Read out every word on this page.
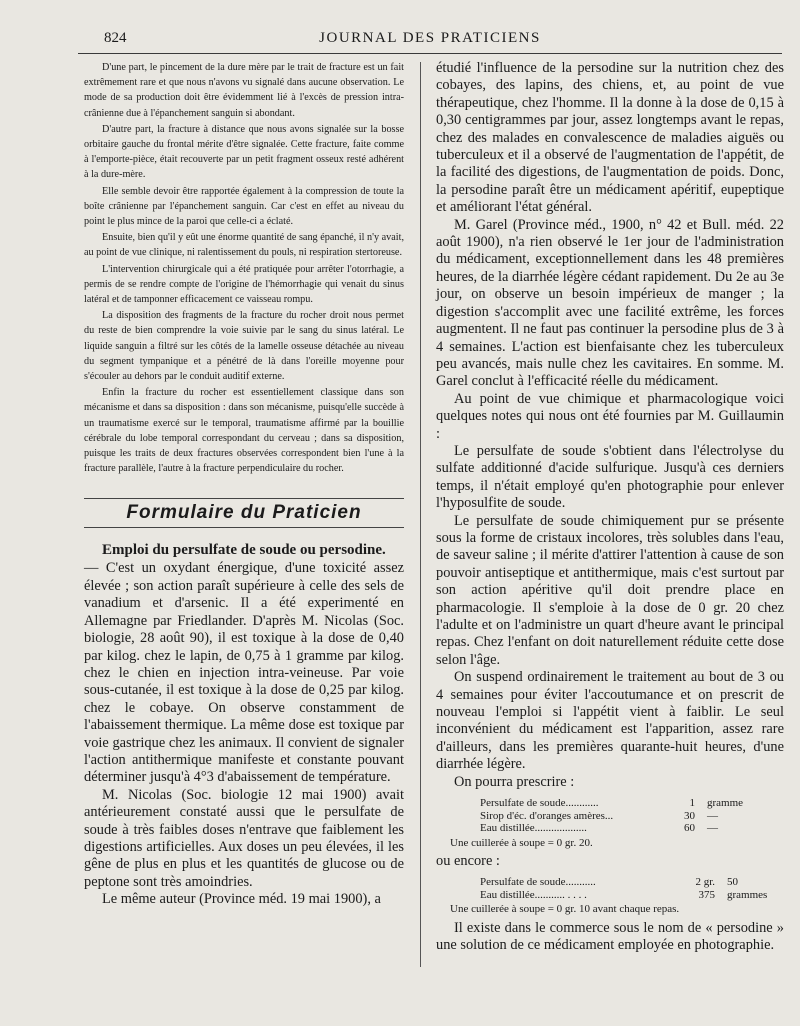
824	JOURNAL DES PRATICIENS

D'une part, le pincement de la dure mère par le trait de fracture est un fait extrêmement rare et que nous n'avons vu signalé dans aucune observation. Le mode de sa production doit être évidemment lié à l'excès de pression intra-crânienne due à l'épanchement sanguin si abondant.

D'autre part, la fracture à distance que nous avons signalée sur la bosse orbitaire gauche du frontal mérite d'être signalée. Cette fracture, faite comme à l'emporte-pièce, était recouverte par un petit fragment osseux resté adhérent à la dure-mère.

Elle semble devoir être rapportée également à la compression de toute la boîte crânienne par l'épanchement sanguin. Car c'est en effet au niveau du point le plus mince de la paroi que celle-ci a éclaté.

Ensuite, bien qu'il y eût une énorme quantité de sang épanché, il n'y avait, au point de vue clinique, ni ralentissement du pouls, ni respiration stertoreuse.

L'intervention chirurgicale qui a été pratiquée pour arrêter l'otorrhagie, a permis de se rendre compte de l'origine de l'hémorrhagie qui venait du sinus latéral et de tamponner efficacement ce vaisseau rompu.

La disposition des fragments de la fracture du rocher droit nous permet du reste de bien comprendre la voie suivie par le sang du sinus latéral. Le liquide sanguin a filtré sur les côtés de la lamelle osseuse détachée au niveau du segment tympanique et a pénétré de là dans l'oreille moyenne pour s'écouler au dehors par le conduit auditif externe.

Enfin la fracture du rocher est essentiellement classique dans son mécanisme et dans sa disposition : dans son mécanisme, puisqu'elle succède à un traumatisme exercé sur le temporal, traumatisme affirmé par la bouillie cérébrale du lobe temporal correspondant du cerveau ; dans sa disposition, puisque les traits de deux fractures observées correspondent bien l'une à la fracture parallèle, l'autre à la fracture perpendiculaire du rocher.

Formulaire du Praticien
Emploi du persulfate de soude ou persodine.

— C'est un oxydant énergique, d'une toxicité assez élevée ; son action paraît supérieure à celle des sels de vanadium et d'arsenic. Il a été experimenté en Allemagne par Friedlander. D'après M. Nicolas (Soc. biologie, 28 août 90), il est toxique à la dose de 0,40 par kilog. chez le lapin, de 0,75 à 1 gramme par kilog. chez le chien en injection intra-veineuse. Par voie sous-cutanée, il est toxique à la dose de 0,25 par kilog. chez le cobaye. On observe constamment de l'abaissement thermique. La même dose est toxique par voie gastrique chez les animaux. Il convient de signaler l'action antithermique manifeste et constante pouvant déterminer jusqu'à 4°3 d'abaissement de température.

M. Nicolas (Soc. biologie 12 mai 1900) avait antérieurement constaté aussi que le persulfate de soude à très faibles doses n'entrave que faiblement les digestions artificielles. Aux doses un peu élevées, il les gêne de plus en plus et les quantités de glucose ou de peptone sont très amoindries.

Le même auteur (Province méd. 19 mai 1900), a

étudié l'influence de la persodine sur la nutrition chez des cobayes, des lapins, des chiens, et, au point de vue thérapeutique, chez l'homme. Il la donne à la dose de 0,15 à 0,30 centigrammes par jour, assez longtemps avant le repas, chez des malades en convalescence de maladies aiguës ou tuberculeux et il a observé de l'augmentation de l'appétit, de la facilité des digestions, de l'augmentation de poids. Donc, la persodine paraît être un médicament apéritif, eupeptique et améliorant l'état général.

M. Garel (Province méd., 1900, n° 42 et Bull. méd. 22 août 1900), n'a rien observé le 1er jour de l'administration du médicament, exceptionnellement dans les 48 premières heures, de la diarrhée légère cédant rapidement. Du 2e au 3e jour, on observe un besoin impérieux de manger ; la digestion s'accomplit avec une facilité extrême, les forces augmentent. Il ne faut pas continuer la persodine plus de 3 à 4 semaines. L'action est bienfaisante chez les tuberculeux peu avancés, mais nulle chez les cavitaires. En somme. M. Garel conclut à l'efficacité réelle du médicament.

Au point de vue chimique et pharmacologique voici quelques notes qui nous ont été fournies par M. Guillaumin :

Le persulfate de soude s'obtient dans l'électrolyse du sulfate additionné d'acide sulfurique. Jusqu'à ces derniers temps, il n'était employé qu'en photographie pour enlever l'hyposulfite de soude.

Le persulfate de soude chimiquement pur se présente sous la forme de cristaux incolores, très solubles dans l'eau, de saveur saline ; il mérite d'attirer l'attention à cause de son pouvoir antiseptique et antithermique, mais c'est surtout par son action apéritive qu'il doit prendre place en pharmacologie. Il s'emploie à la dose de 0 gr. 20 chez l'adulte et on l'administre un quart d'heure avant le principal repas. Chez l'enfant on doit naturellement réduite cette dose selon l'âge.

On suspend ordinairement le traitement au bout de 3 ou 4 semaines pour éviter l'accoutumance et on prescrit de nouveau l'emploi si l'appétit vient à faiblir. Le seul inconvénient du médicament est l'apparition, assez rare d'ailleurs, dans les premières quarante-huit heures, d'une diarrhée légère.

On pourra prescrire :
Persulfate de soude............	1 gramme
Sirop d'éc. d'oranges amères...	30 —
Eau distillée...................	60 —
Une cuillerée à soupe = 0 gr. 20.
ou encore :
Persulfate de soude...........	2 gr. 50
Eau distillée........... . . . .	375 grammes
Une cuillerée à soupe = 0 gr. 10 avant chaque repas.

Il existe dans le commerce sous le nom de « persodine » une solution de ce médicament employée en photographie.
